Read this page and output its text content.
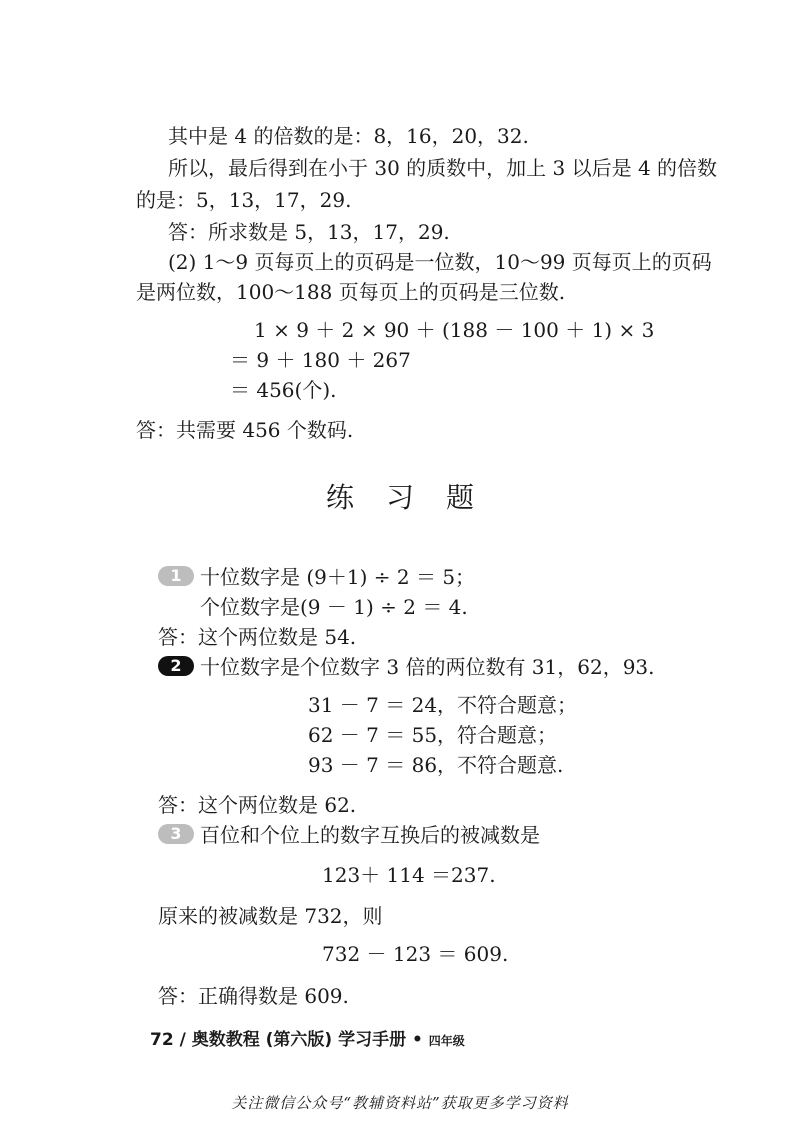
其中是 4 的倍数的是：8，16，20，32.
所以，最后得到在小于 30 的质数中，加上 3 以后是 4 的倍数
的是：5，13，17，29.
答：所求数是 5，13，17，29.
(2) 1～9 页每页上的页码是一位数，10～99 页每页上的页码
是两位数，100～188 页每页上的页码是三位数.
1 × 9 ＋ 2 × 90 ＋ (188 － 100 ＋ 1) × 3
＝ 9 ＋ 180 ＋ 267
＝ 456(个).
答：共需要 456 个数码.
练习题
1 十位数字是 (9＋1) ÷ 2 ＝ 5；
个位数字是(9 － 1) ÷ 2 ＝ 4.
答：这个两位数是 54.
2 十位数字是个位数字 3 倍的两位数有 31，62，93.
31 － 7 ＝ 24，不符合题意；
62 － 7 ＝ 55，符合题意；
93 － 7 ＝ 86，不符合题意.
答：这个两位数是 62.
3 百位和个位上的数字互换后的被减数是
123＋ 114 ＝237.
原来的被减数是 732，则
732 － 123 ＝ 609.
答：正确得数是 609.
72 / 奥数教程 (第六版) 学习手册 • 四年级
关注微信公众号“教辅资料站”获取更多学习资料
